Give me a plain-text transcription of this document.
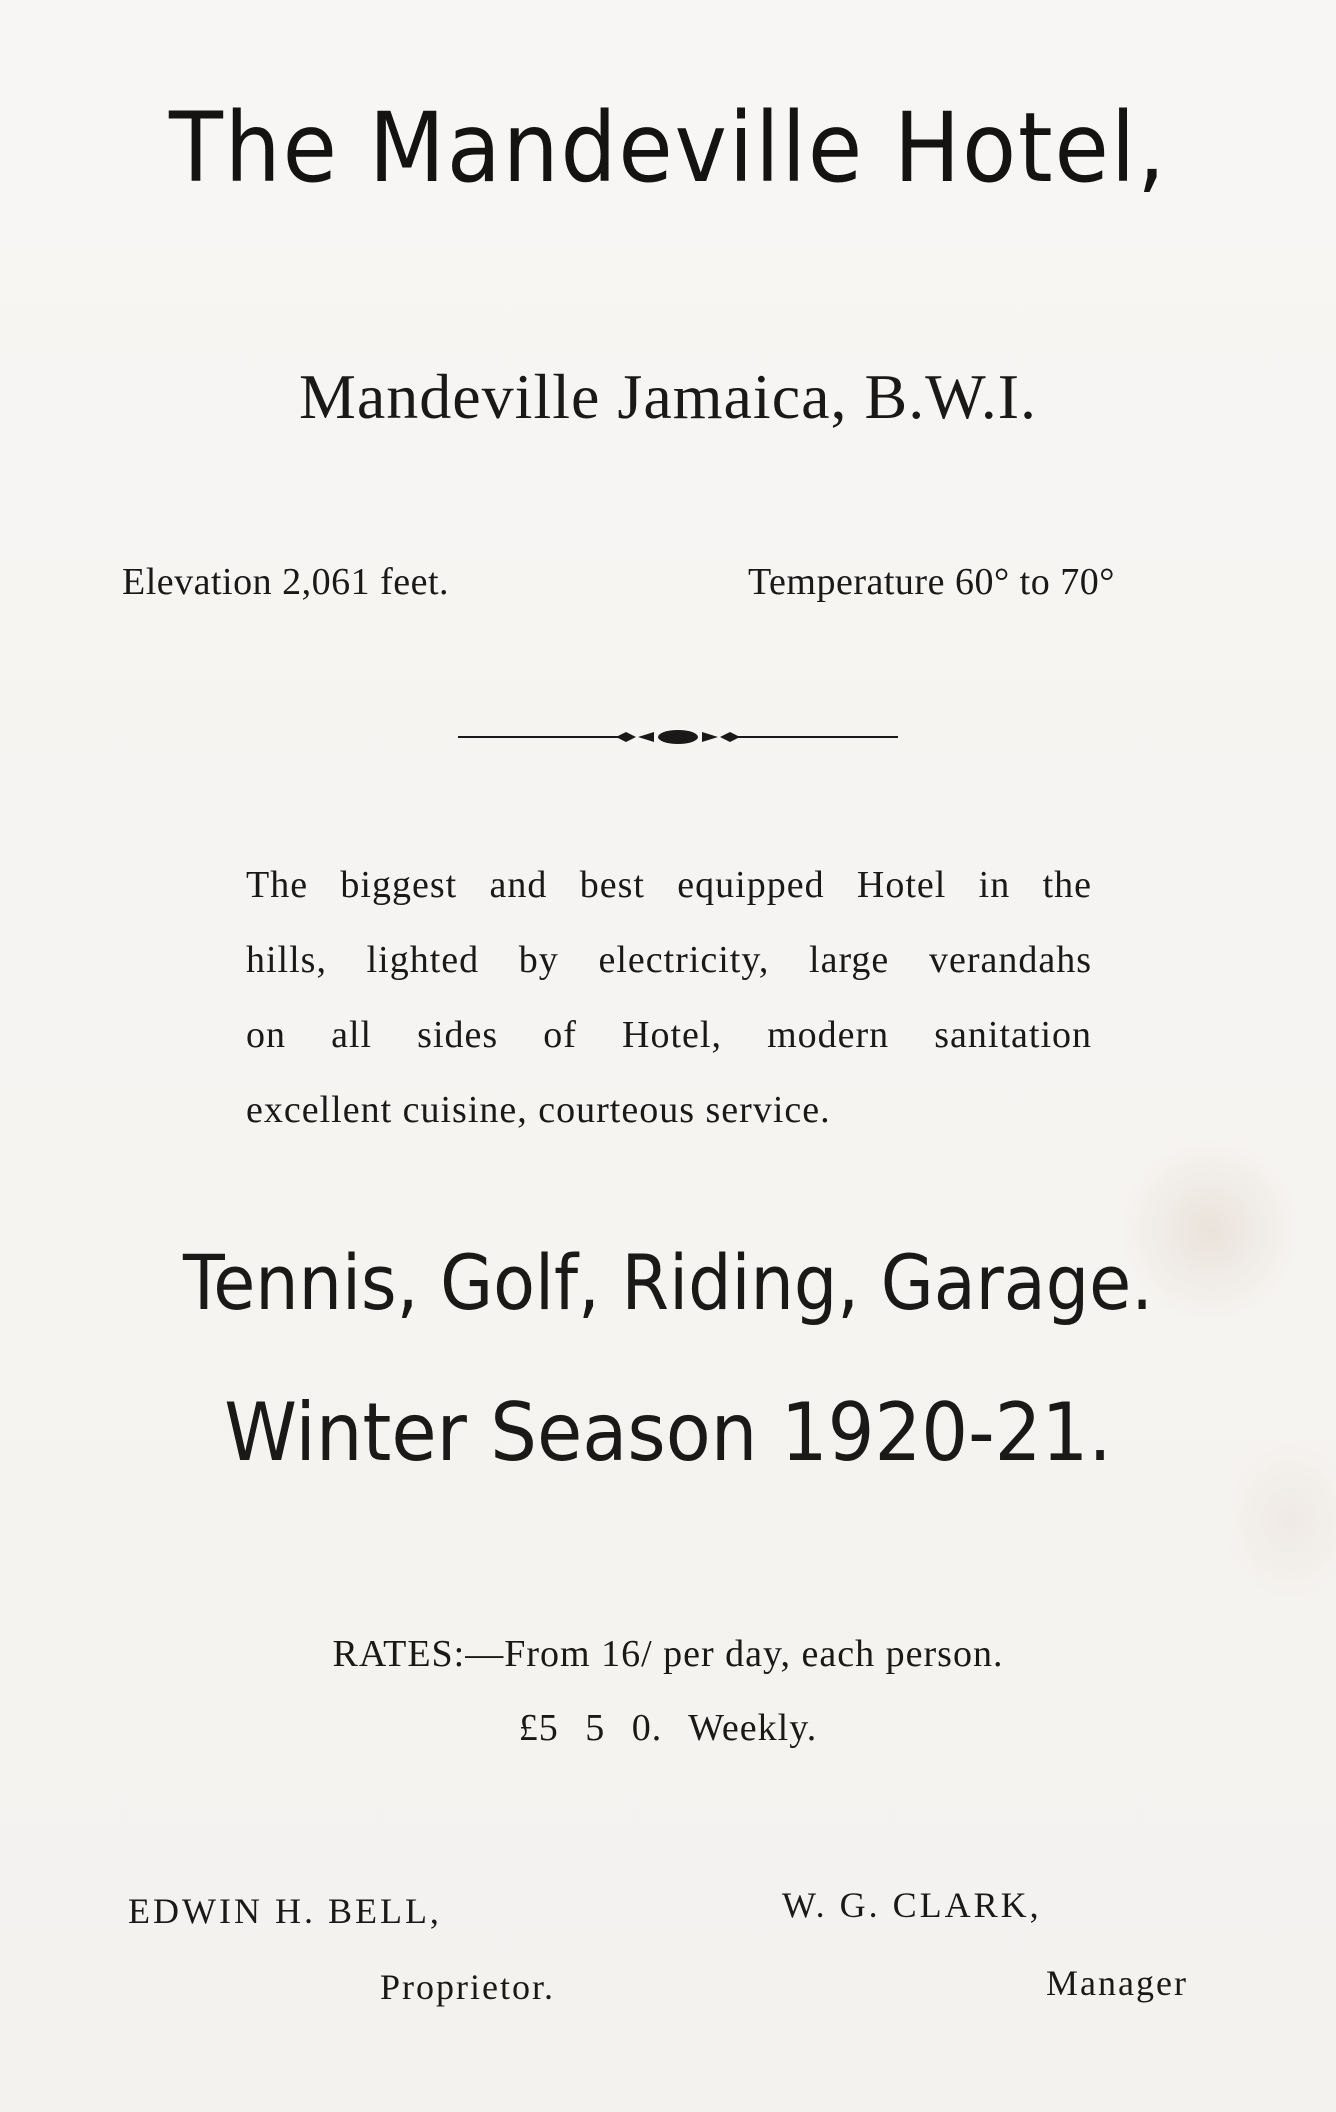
The Mandeville Hotel,
Mandeville Jamaica, B.W.I.
Elevation 2,061 feet.	Temperature 60° to 70°
The biggest and best equipped Hotel in the
hills, lighted by electricity, large verandahs
on all sides of Hotel, modern sanitation
excellent cuisine, courteous service.
Tennis, Golf, Riding, Garage.
Winter Season 1920-21.
RATES:—From 16/ per day, each person.
£5 5 0. Weekly.
EDWIN H. BELL,
Proprietor.
W. G. CLARK,
Manager
